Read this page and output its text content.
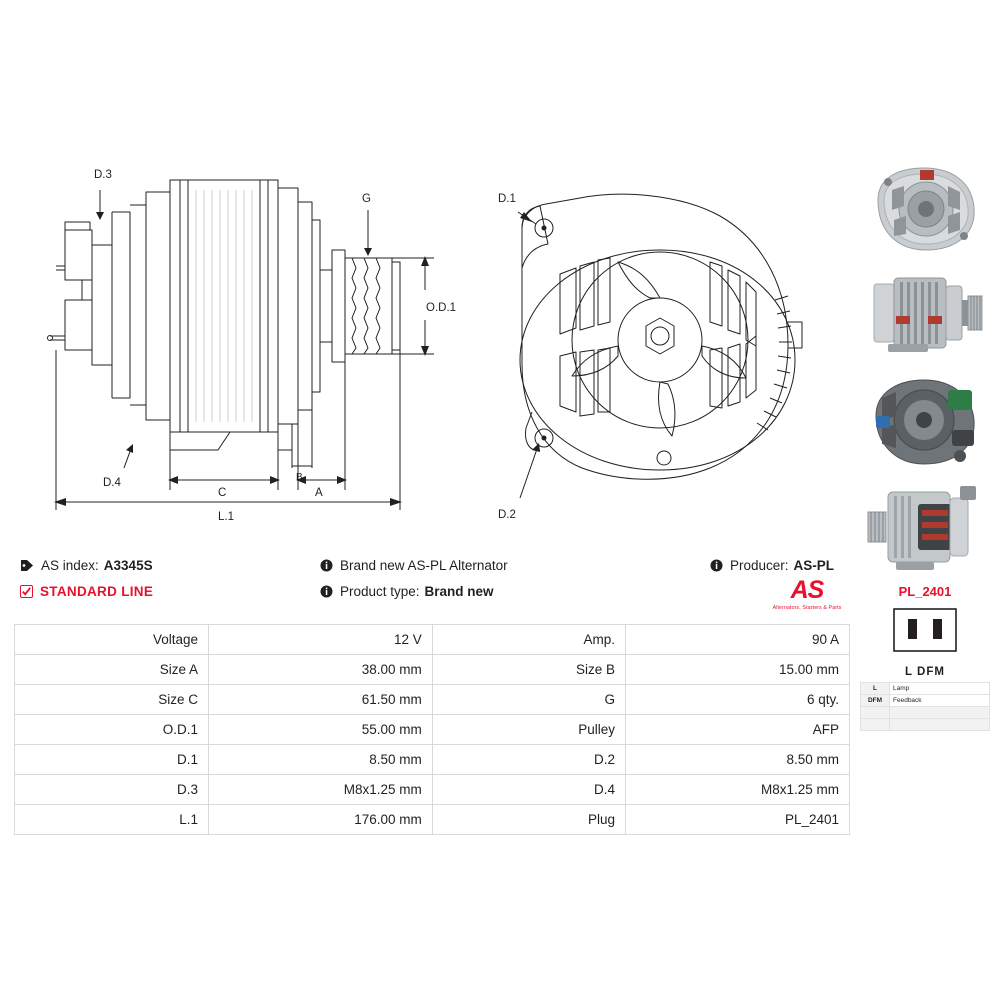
D.3
D.4
G
O.D.1
A
B
C
L.1
D.1
D.2
AS index: A3345S	Brand new AS-PL Alternator	Producer: AS-PL
STANDARD LINE	Product type: Brand new	AS
Alternators, Starters & Parts
Voltage	12 V	Amp.	90 A
Size A	38.00 mm	Size B	15.00 mm
Size C	61.50 mm	G	6 qty.
O.D.1	55.00 mm	Pulley	AFP
D.1	8.50 mm	D.2	8.50 mm
D.3	M8x1.25 mm	D.4	M8x1.25 mm
L.1	176.00 mm	Plug	PL_2401
PL_2401
L DFM
L	Lamp
DFM	Feedback
